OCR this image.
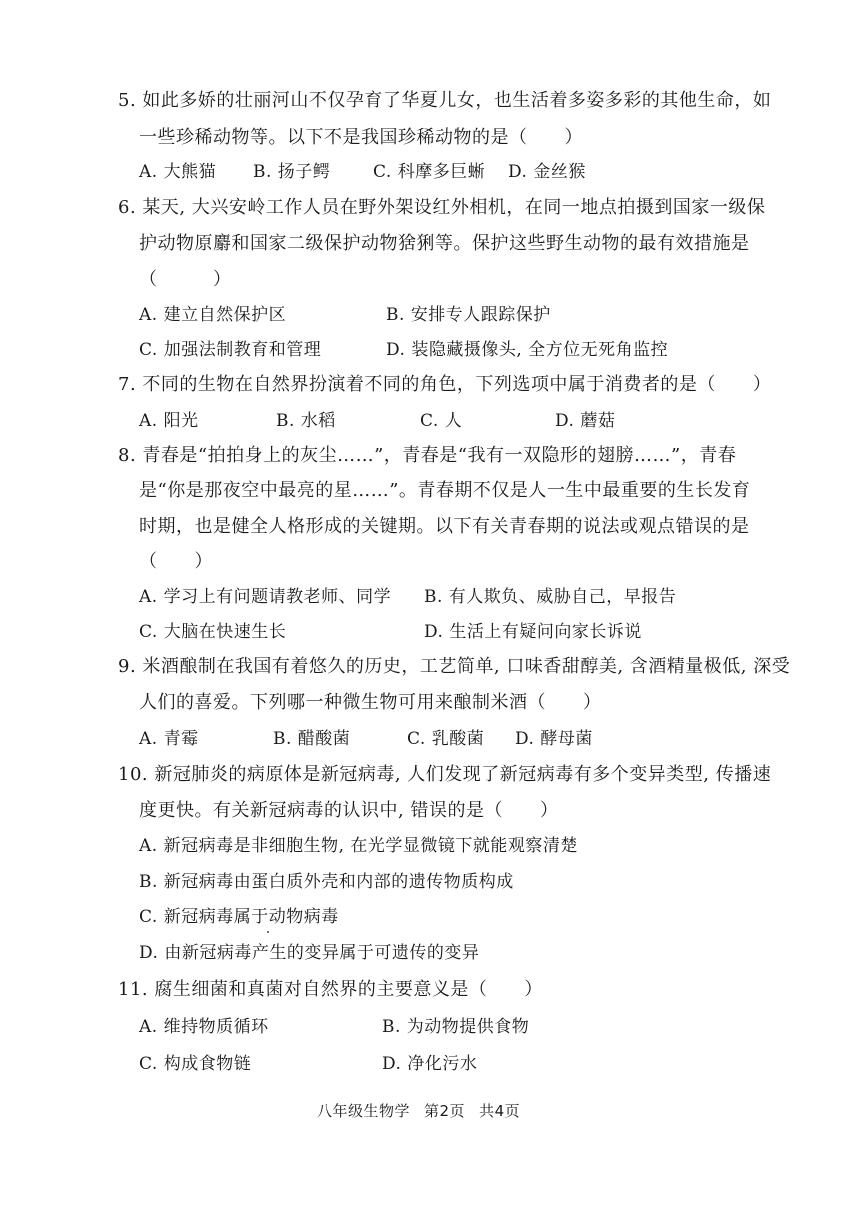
5. 如此多娇的壮丽河山不仅孕育了华夏儿女，也生活着多姿多彩的其他生命，如
一些珍稀动物等。以下不是我国珍稀动物的是（　　）
A. 大熊猫 B. 扬子鳄	C. 科摩多巨蜥 D. 金丝猴
6. 某天, 大兴安岭工作人员在野外架设红外相机，在同一地点拍摄到国家一级保
护动物原麝和国家二级保护动物猞猁等。保护这些野生动物的最有效措施是
（　　　）
A. 建立自然保护区	B. 安排专人跟踪保护
C. 加强法制教育和管理	D. 装隐藏摄像头, 全方位无死角监控
7. 不同的生物在自然界扮演着不同的角色，下列选项中属于消费者的是（　　）
A. 阳光	B. 水稻	C. 人	D. 蘑菇
8. 青春是“拍拍身上的灰尘……”，青春是“我有一双隐形的翅膀……”，青春
是“你是那夜空中最亮的星……”。青春期不仅是人一生中最重要的生长发育
时期，也是健全人格形成的关键期。以下有关青春期的说法或观点错误的是
（　　）
A. 学习上有问题请教老师、同学 B. 有人欺负、威胁自己，早报告
C. 大脑在快速生长	D. 生活上有疑问向家长诉说
9. 米酒酿制在我国有着悠久的历史，工艺简单, 口味香甜醇美, 含酒精量极低, 深受
人们的喜爱。下列哪一种微生物可用来酿制米酒（　　）
A. 青霉	B. 醋酸菌	C. 乳酸菌 D. 酵母菌
10. 新冠肺炎的病原体是新冠病毒, 人们发现了新冠病毒有多个变异类型, 传播速
度更快。有关新冠病毒的认识中, 错误的是（　　）
A. 新冠病毒是非细胞生物, 在光学显微镜下就能观察清楚
B. 新冠病毒由蛋白质外壳和内部的遗传物质构成
C. 新冠病毒属于动物病毒
D. 由新冠病毒产生的变异属于可遗传的变异
11. 腐生细菌和真菌对自然界的主要意义是（　　）
A. 维持物质循环	B. 为动物提供食物
C. 构成食物链	D. 净化污水
八年级生物学 第2页 共4页
